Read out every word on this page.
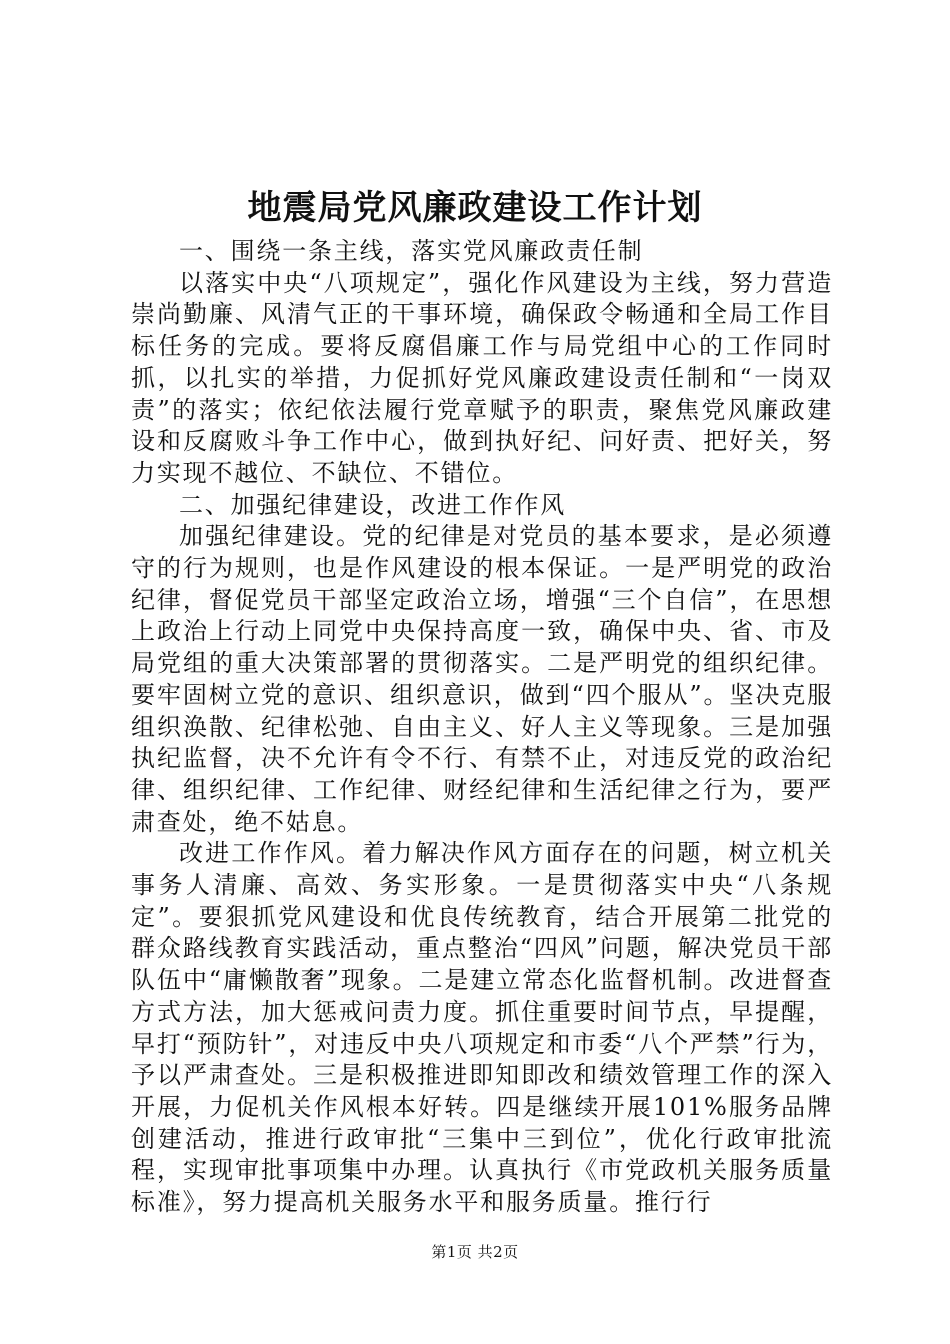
地震局党风廉政建设工作计划

一、围绕一条主线，落实党风廉政责任制

以落实中央“八项规定”，强化作风建设为主线，努力营造崇尚勤廉、风清气正的干事环境，确保政令畅通和全局工作目标任务的完成。要将反腐倡廉工作与局党组中心的工作同时抓，以扎实的举措，力促抓好党风廉政建设责任制和“一岗双责”的落实；依纪依法履行党章赋予的职责，聚焦党风廉政建设和反腐败斗争工作中心，做到执好纪、问好责、把好关，努力实现不越位、不缺位、不错位。

二、加强纪律建设，改进工作作风

加强纪律建设。党的纪律是对党员的基本要求，是必须遵守的行为规则，也是作风建设的根本保证。一是严明党的政治纪律，督促党员干部坚定政治立场，增强“三个自信”，在思想上政治上行动上同党中央保持高度一致，确保中央、省、市及局党组的重大决策部署的贯彻落实。二是严明党的组织纪律。要牢固树立党的意识、组织意识，做到“四个服从”。坚决克服组织涣散、纪律松弛、自由主义、好人主义等现象。三是加强执纪监督，决不允许有令不行、有禁不止，对违反党的政治纪律、组织纪律、工作纪律、财经纪律和生活纪律之行为，要严肃查处，绝不姑息。

改进工作作风。着力解决作风方面存在的问题，树立机关事务人清廉、高效、务实形象。一是贯彻落实中央“八条规定”。要狠抓党风建设和优良传统教育，结合开展第二批党的群众路线教育实践活动，重点整治“四风”问题，解决党员干部队伍中“庸懒散奢”现象。二是建立常态化监督机制。改进督查方式方法，加大惩戒问责力度。抓住重要时间节点，早提醒，早打“预防针”，对违反中央八项规定和市委“八个严禁”行为，予以严肃查处。三是积极推进即知即改和绩效管理工作的深入开展，力促机关作风根本好转。四是继续开展101%服务品牌创建活动，推进行政审批“三集中三到位”，优化行政审批流程，实现审批事项集中办理。认真执行《市党政机关服务质量标准》，努力提高机关服务水平和服务质量。推行行

第1页 共2页
